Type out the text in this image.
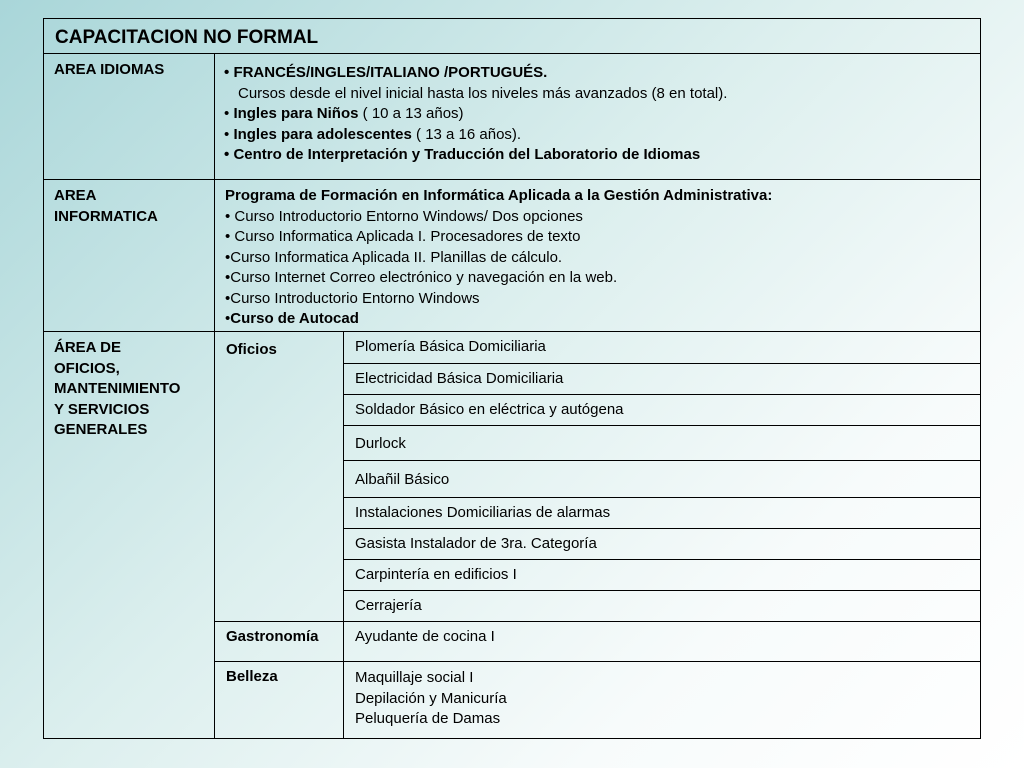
CAPACITACION NO FORMAL
AREA IDIOMAS	• FRANCÉS/INGLES/ITALIANO /PORTUGUÉS.
Cursos desde el nivel inicial hasta los niveles más avanzados (8 en total).
• Ingles para Niños ( 10 a 13 años)
• Ingles para adolescentes ( 13 a 16 años).
• Centro de Interpretación y Traducción del Laboratorio de Idiomas
AREA
INFORMATICA
Programa de Formación en Informática Aplicada a la Gestión Administrativa:
• Curso Introductorio Entorno Windows/ Dos opciones
• Curso Informatica Aplicada I. Procesadores de texto
•Curso Informatica Aplicada II. Planillas de cálculo.
•Curso Internet Correo electrónico y navegación en la web.
•Curso Introductorio Entorno Windows
•Curso de Autocad
ÁREA DE
OFICIOS,
MANTENIMIENTO
Y SERVICIOS
GENERALES
Oficios
Gastronomía
Belleza
Plomería Básica Domiciliaria
Electricidad Básica Domiciliaria
Soldador Básico en eléctrica y autógena
Durlock
Albañil Básico
Instalaciones Domiciliarias de alarmas
Gasista Instalador de 3ra. Categoría
Carpintería en edificios I
Cerrajería
Ayudante de cocina I
Maquillaje social I
Depilación y Manicuría
Peluquería de Damas
